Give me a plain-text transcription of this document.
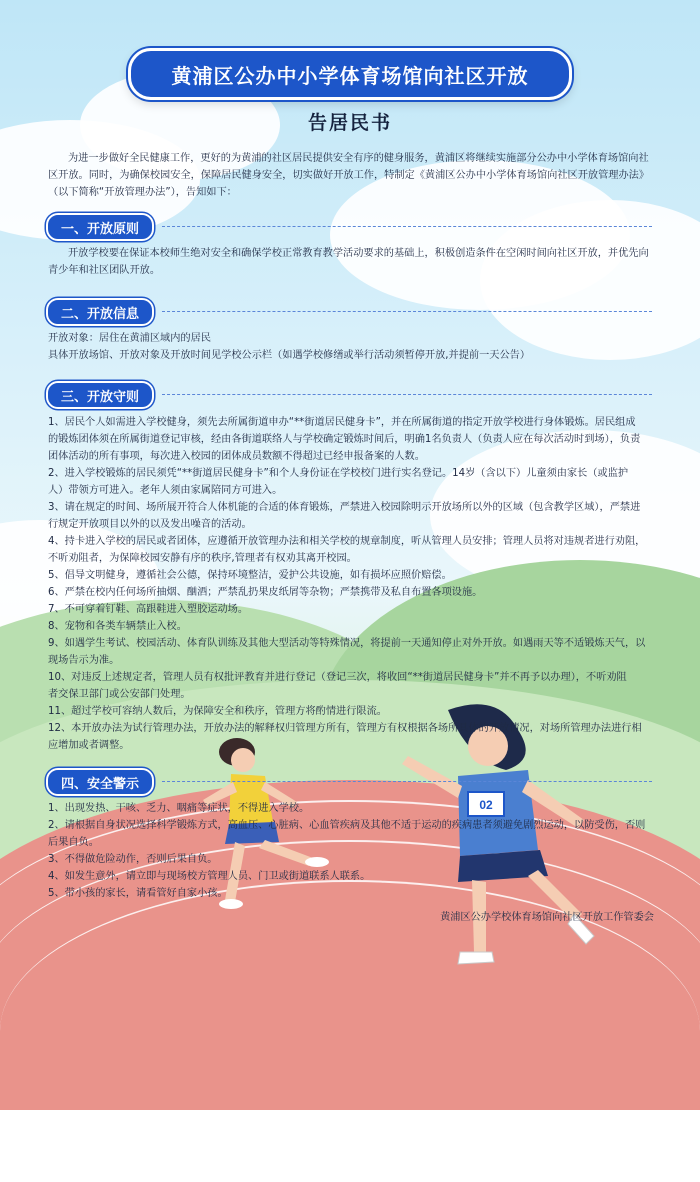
02
黄浦区公办中小学体育场馆向社区开放
告居民书

为进一步做好全民健康工作，更好的为黄浦的社区居民提供安全有序的健身服务，黄浦区将继续实施部分公办中小学体育场馆向社

区开放。同时，为确保校园安全，保障居民健身安全，切实做好开放工作，特制定《黄浦区公办中小学体育场馆向社区开放管理办法》

（以下简称“开放管理办法”），告知如下：

一、开放原则

开放学校要在保证本校师生绝对安全和确保学校正常教育教学活动要求的基础上，积极创造条件在空闲时间向社区开放，并优先向

青少年和社区团队开放。

二、开放信息

开放对象：居住在黄浦区域内的居民

具体开放场馆、开放对象及开放时间见学校公示栏（如遇学校修缮或举行活动须暂停开放,并提前一天公告）

三、开放守则

1、居民个人如需进入学校健身，须先去所属街道申办“**街道居民健身卡”，并在所属街道的指定开放学校进行身体锻炼。居民组成

的锻炼团体须在所属街道登记审核，经由各街道联络人与学校确定锻炼时间后，明确1名负责人（负责人应在每次活动时到场），负责

团体活动的所有事项，每次进入校园的团体成员数额不得超过已经申报备案的人数。

2、进入学校锻炼的居民须凭“**街道居民健身卡”和个人身份证在学校校门进行实名登记。14岁（含以下）儿童须由家长（或监护

人）带领方可进入。老年人须由家属陪同方可进入。

3、请在规定的时间、场所展开符合人体机能的合适的体育锻炼，严禁进入校园除明示开放场所以外的区域（包含教学区域），严禁进

行规定开放项目以外的以及发出噪音的活动。

4、持卡进入学校的居民或者团体，应遵循开放管理办法和相关学校的规章制度，听从管理人员安排；管理人员将对违规者进行劝阻，

不听劝阻者，为保障校园安静有序的秩序,管理者有权劝其离开校园。

5、倡导文明健身，遵循社会公德，保持环境整洁，爱护公共设施，如有损坏应照价赔偿。

6、严禁在校内任何场所抽烟、酗酒；严禁乱扔果皮纸屑等杂物；严禁携带及私自布置各项设施。

7、不可穿着钉鞋、高跟鞋进入塑胶运动场。

8、宠物和各类车辆禁止入校。

9、如遇学生考试、校园活动、体育队训练及其他大型活动等特殊情况，将提前一天通知停止对外开放。如遇雨天等不适锻炼天气，以

现场告示为准。

10、对违反上述规定者，管理人员有权批评教育并进行登记（登记三次，将收回“**街道居民健身卡”并不再予以办理），不听劝阻

者交保卫部门或公安部门处理。

11、超过学校可容纳人数后，为保障安全和秩序，管理方将酌情进行限流。

12、本开放办法为试行管理办法，开放办法的解释权归管理方所有，管理方有权根据各场所具体的开放情况，对场所管理办法进行相

应增加或者调整。

四、安全警示

1、出现发热、干咳、乏力、咽痛等症状，不得进入学校。

2、请根据自身状况选择科学锻炼方式，高血压、心脏病、心血管疾病及其他不适于运动的疾病患者须避免剧烈运动，以防受伤，否则

后果自负。

3、不得做危险动作，否则后果自负。

4、如发生意外，请立即与现场校方管理人员、门卫或街道联系人联系。

5、带小孩的家长，请看管好自家小孩。

黄浦区公办学校体育场馆向社区开放工作管委会
